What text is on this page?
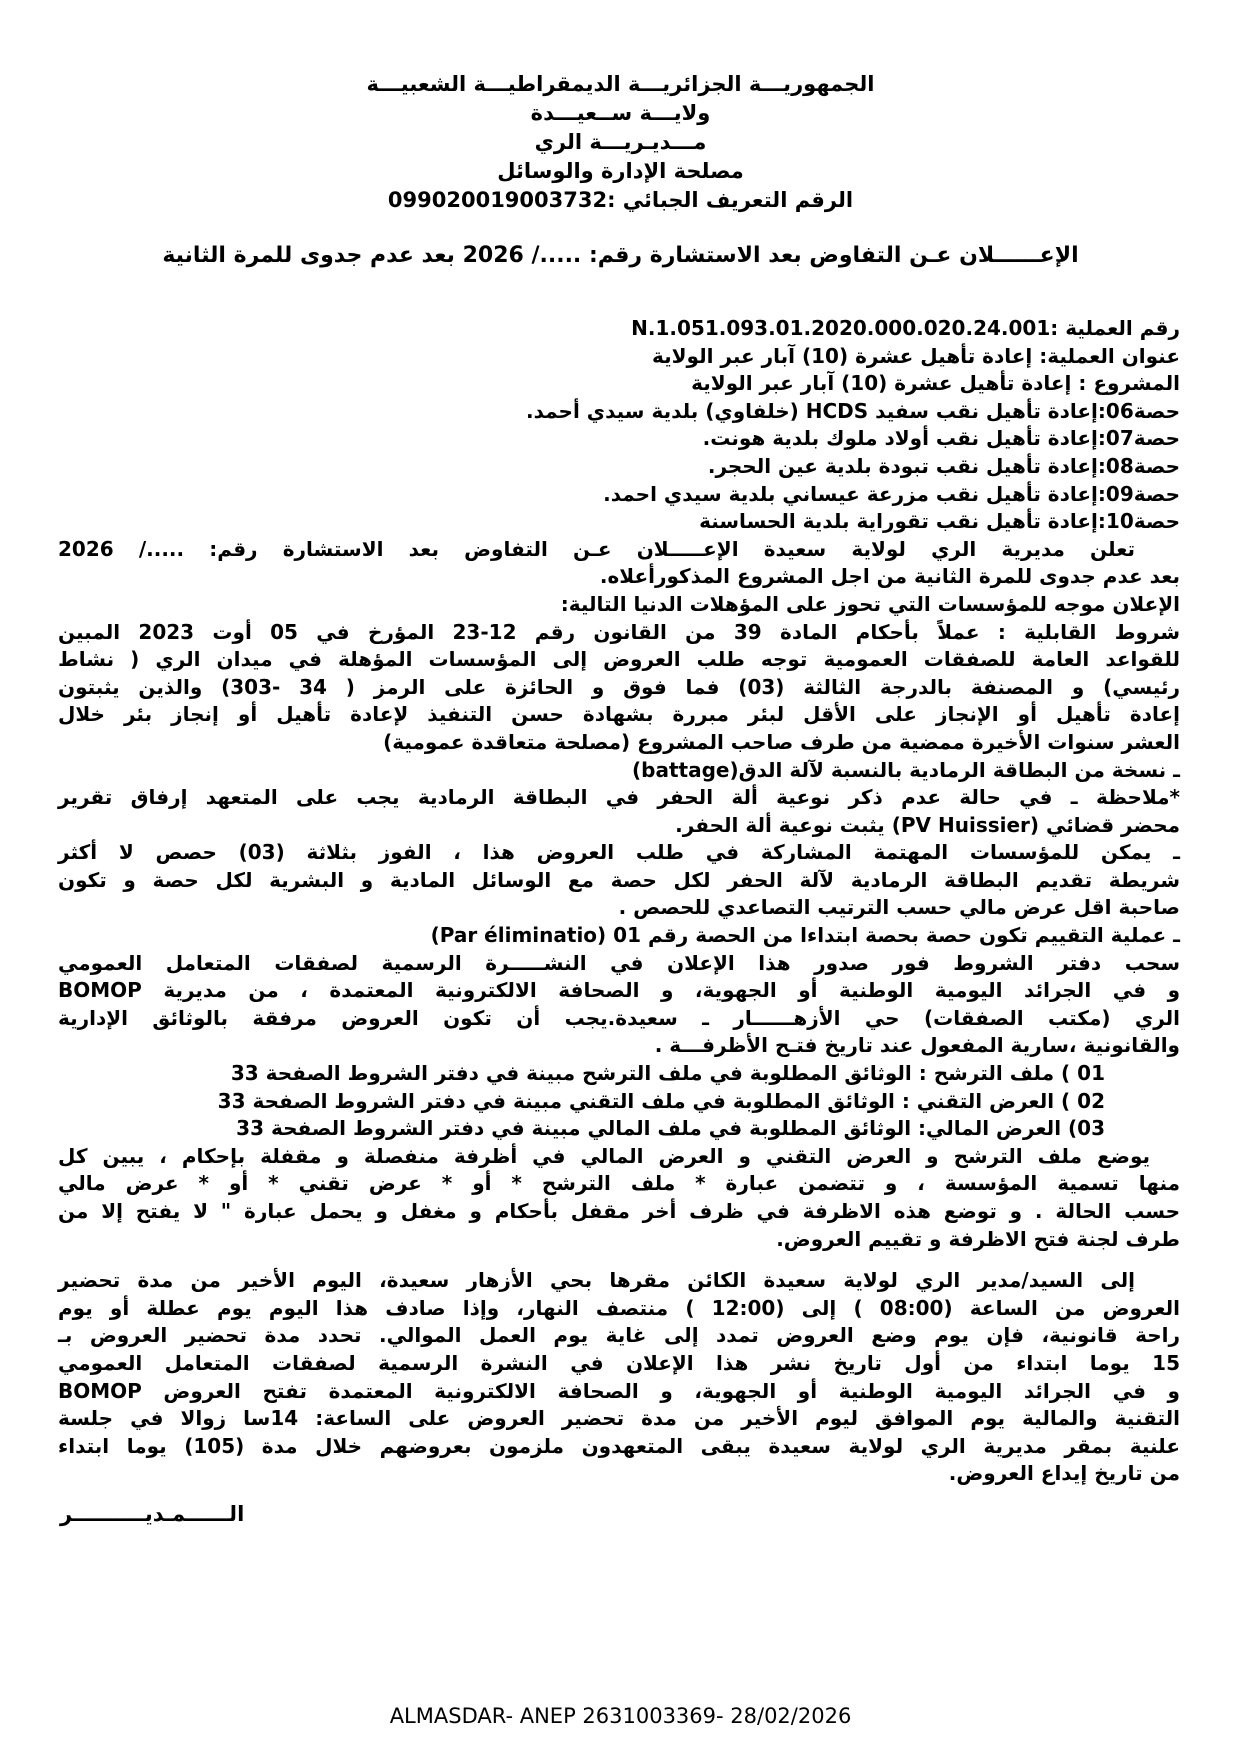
الجمهوريـــة الجزائريـــة الديمقراطيـــة الشعبيـــة
ولايـــة ســعيـــدة
مـــديـريـــة الري
مصلحة الإدارة والوسائل
الرقم التعريف الجبائي :099020019003732
الإعــــــلان عـن التفاوض بعد الاستشارة رقم: ...../ 2026 بعد عدم جدوى للمرة الثانية
رقم العملية :N.1.051.093.01.2020.000.020.24.001
عنوان العملية: إعادة تأهيل عشرة (10) آبار عبر الولاية
المشروع : إعادة تأهيل عشرة (10) آبار عبر الولاية
حصة06:إعادة تأهيل نقب سفيد HCDS (خلفاوي) بلدية سيدي أحمد.
حصة07:إعادة تأهيل نقب أولاد ملوك بلدية هونت.
حصة08:إعادة تأهيل نقب تبودة بلدية عين الحجر.
حصة09:إعادة تأهيل نقب مزرعة عيساني بلدية سيدي احمد.
حصة10:إعادة تأهيل نقب تقوراية بلدية الحساسنة
تعلن مديرية الري لولاية سعيدة الإعـــــلان عـن التفاوض بعد الاستشارة رقم: ...../ 2026
بعد عدم جدوى للمرة الثانية من اجل المشروع المذكورأعلاه.
الإعلان موجه للمؤسسات التي تحوز على المؤهلات الدنيا التالية:
شروط القابلية : عملاً بأحكام المادة 39 من القانون رقم ‪23-12‬ المؤرخ في 05 أوت 2023 المبين
للقواعد العامة للصفقات العمومية توجه طلب العروض إلى المؤسسات المؤهلة في ميدان الري ( نشاط
رئيسي) و المصنفة بالدرجة الثالثة (03) فما فوق و الحائزة على الرمز ‪(303- 34 )‬ والذين يثبتون
إعادة تأهيل أو الإنجاز على الأقل لبئر مبررة بشهادة حسن التنفيذ لإعادة تأهيل أو إنجاز بئر خلال
العشر سنوات الأخيرة ممضية من طرف صاحب المشروع (مصلحة متعاقدة عمومية)
ـ نسخة من البطاقة الرمادية بالنسبة لآلة الدق(battage)
*ملاحظة ـ في حالة عدم ذكر نوعية ألة الحفر في البطاقة الرمادية يجب على المتعهد إرفاق تقرير
محضر قضائي (PV Huissier) يثبت نوعية ألة الحفر.
ـ يمكن للمؤسسات المهتمة المشاركة في طلب العروض هذا ، الفوز بثلاثة (03) حصص لا أكثر
شريطة تقديم البطاقة الرمادية لآلة الحفر لكل حصة مع الوسائل المادية و البشرية لكل حصة و تكون
صاحبة اقل عرض مالي حسب الترتيب التصاعدي للحصص .
ـ عملية التقييم تكون حصة بحصة ابتداءا من الحصة رقم 01 (Par éliminatio)
سحب دفتر الشروط فور صدور هذا الإعلان في النشـــــرة الرسمية لصفقات المتعامل العمومي
و في الجرائد اليومية الوطنية أو الجهوية، و الصحافة الالكترونية المعتمدة ، من مديرية BOMOP
الري (مكتب الصفقات) حي الأزهــــــار ـ سعيدة.يجب أن تكون العروض مرفقة بالوثائق الإدارية
والقانونية ،سارية المفعول عند تاريخ فتـح الأظرفـــة .
01 ) ملف الترشح : الوثائق المطلوبة في ملف الترشح مبينة في دفتر الشروط الصفحة 33
02 ) العرض التقني : الوثائق المطلوبة في ملف التقني مبينة في دفتر الشروط الصفحة 33
03) العرض المالي: الوثائق المطلوبة في ملف المالي مبينة في دفتر الشروط الصفحة 33
يوضع ملف الترشح و العرض التقني و العرض المالي في أظرفة منفصلة و مقفلة بإحكام ، يبين كل
منها تسمية المؤسسة ، و تتضمن عبارة * ملف الترشح * أو * عرض تقني * أو * عرض مالي
حسب الحالة . و توضع هذه الاظرفة في ظرف أخر مقفل بأحكام و مغفل و يحمل عبارة " لا يفتح إلا من
طرف لجنة فتح الاظرفة و تقييم العروض.
إلى السيد/مدير الري لولاية سعيدة الكائن مقرها بحي الأزهار سعيدة، اليوم الأخير من مدة تحضير
العروض من الساعة (08:00 ) إلى (12:00 ) منتصف النهار، وإذا صادف هذا اليوم يوم عطلة أو يوم
راحة قانونية، فإن يوم وضع العروض تمدد إلى غاية يوم العمل الموالي. تحدد مدة تحضير العروض بـ
15 يوما ابتداء من أول تاريخ نشر هذا الإعلان في النشرة الرسمية لصفقات المتعامل العمومي
و في الجرائد اليومية الوطنية أو الجهوية، و الصحافة الالكترونية المعتمدة تفتح العروض BOMOP
التقنية والمالية يوم الموافق ليوم الأخير من مدة تحضير العروض على الساعة: 14سا زوالا في جلسة
علنية بمقر مديرية الري لولاية سعيدة يبقى المتعهدون ملزمون بعروضهم خلال مدة (105) يوما ابتداء
من تاريخ إيداع العروض.
الــــــمـديــــــــــر
ALMASDAR- ANEP 2631003369- 28/02/2026
